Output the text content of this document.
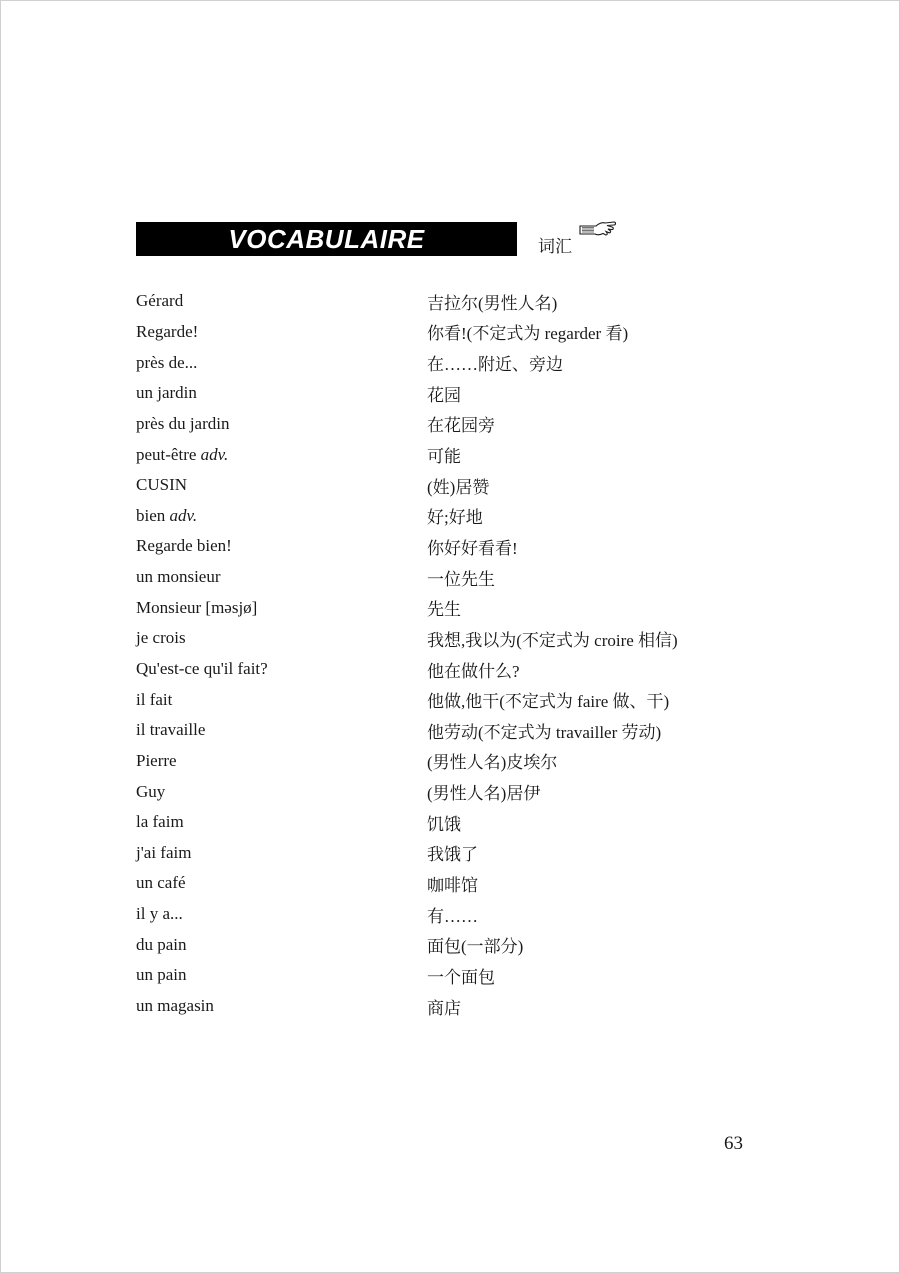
VOCABULAIRE	词汇
Gérard	吉拉尔(男性人名)
Regarde!	你看!(不定式为 regarder 看)
près de...	在……附近、旁边
un jardin	花园
près du jardin	在花园旁
peut-être adv.	可能
CUSIN	(姓)居赞
bien adv.	好;好地
Regarde bien!	你好好看看!
un monsieur	一位先生
Monsieur [məsjø]	先生
je crois	我想,我以为(不定式为 croire 相信)
Qu'est-ce qu'il fait?	他在做什么?
il fait	他做,他干(不定式为 faire 做、干)
il travaille	他劳动(不定式为 travailler 劳动)
Pierre	(男性人名)皮埃尔
Guy	(男性人名)居伊
la faim	饥饿
j'ai faim	我饿了
un café	咖啡馆
il y a...	有……
du pain	面包(一部分)
un pain	一个面包
un magasin	商店
63
